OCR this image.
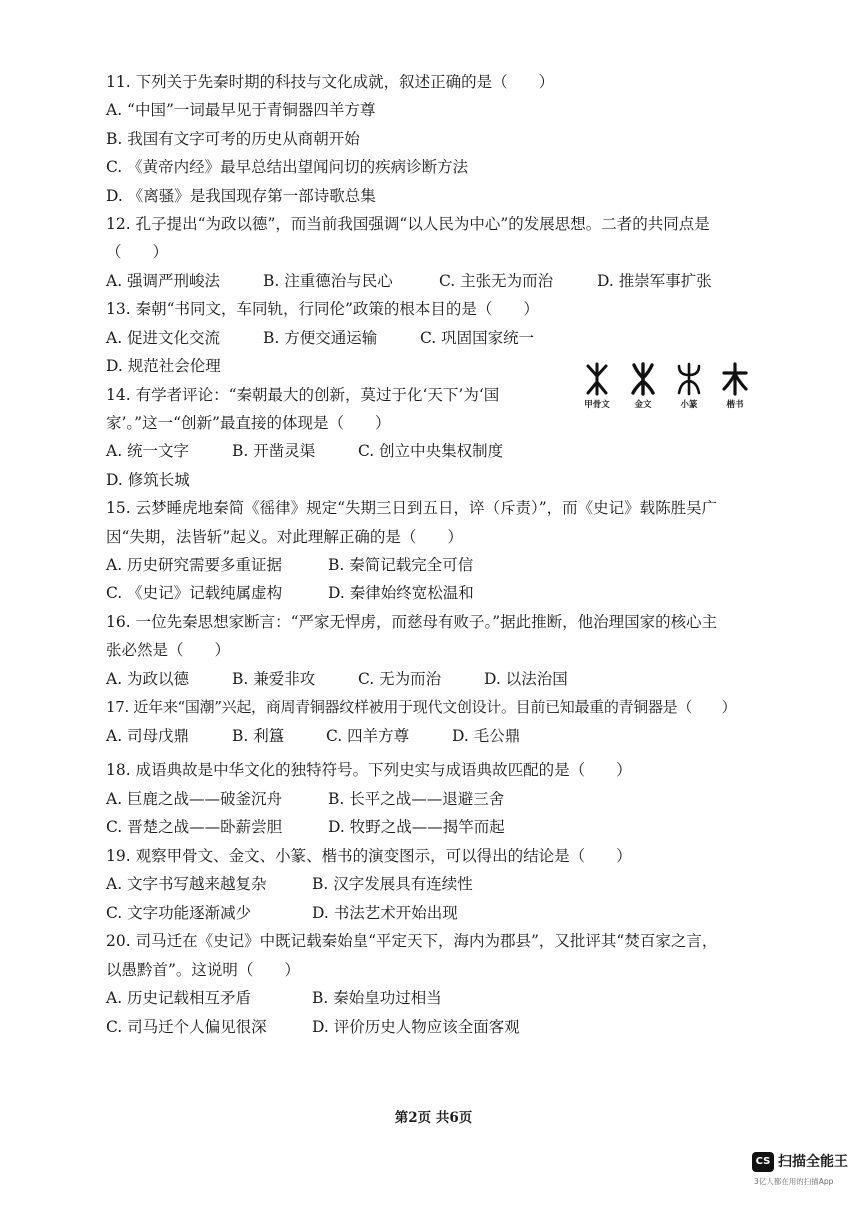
11. 下列关于先秦时期的科技与文化成就，叙述正确的是（　　）
A. “中国”一词最早见于青铜器四羊方尊
B. 我国有文字可考的历史从商朝开始
C. 《黄帝内经》最早总结出望闻问切的疾病诊断方法
D. 《离骚》是我国现存第一部诗歌总集
12. 孔子提出“为政以德”，而当前我国强调“以人民为中心”的发展思想。二者的共同点是
（　　）
A. 强调严刑峻法	B. 注重德治与民心	C. 主张无为而治	D. 推崇军事扩张
13. 秦朝“书同文，车同轨，行同伦”政策的根本目的是（　　）
A. 促进文化交流	B. 方便交通运输	C. 巩固国家统一
D. 规范社会伦理
14. 有学者评论：“秦朝最大的创新，莫过于化‘天下’为‘国
家’。”这一“创新”最直接的体现是（　　）
A. 统一文字	B. 开凿灵渠	C. 创立中央集权制度
D. 修筑长城
15. 云梦睡虎地秦简《徭律》规定“失期三日到五日，谇（斥责）”，而《史记》载陈胜吴广
因“失期，法皆斩”起义。对此理解正确的是（　　）
A. 历史研究需要多重证据	B. 秦简记载完全可信
C. 《史记》记载纯属虚构	D. 秦律始终宽松温和
16. 一位先秦思想家断言：“严家无悍虏，而慈母有败子。”据此推断，他治理国家的核心主
张必然是（　　）
A. 为政以德	B. 兼爱非攻	C. 无为而治	D. 以法治国
17. 近年来“国潮”兴起，商周青铜器纹样被用于现代文创设计。目前已知最重的青铜器是（　　）
A. 司母戊鼎	B. 利簋	C. 四羊方尊	D. 毛公鼎
18. 成语典故是中华文化的独特符号。下列史实与成语典故匹配的是（　　）
A. 巨鹿之战——破釜沉舟	B. 长平之战——退避三舍
C. 晋楚之战——卧薪尝胆	D. 牧野之战——揭竿而起
19. 观察甲骨文、金文、小篆、楷书的演变图示，可以得出的结论是（　　）
A. 文字书写越来越复杂	B. 汉字发展具有连续性
C. 文字功能逐渐减少	D. 书法艺术开始出现
20. 司马迁在《史记》中既记载秦始皇“平定天下，海内为郡县”，又批评其“焚百家之言，
以愚黔首”。这说明（　　）
A. 历史记载相互矛盾	B. 秦始皇功过相当
C. 司马迁个人偏见很深	D. 评价历史人物应该全面客观
甲骨文	金文	小篆	楷书
第2页 共6页
CS 扫描全能王
3亿人都在用的扫描App
